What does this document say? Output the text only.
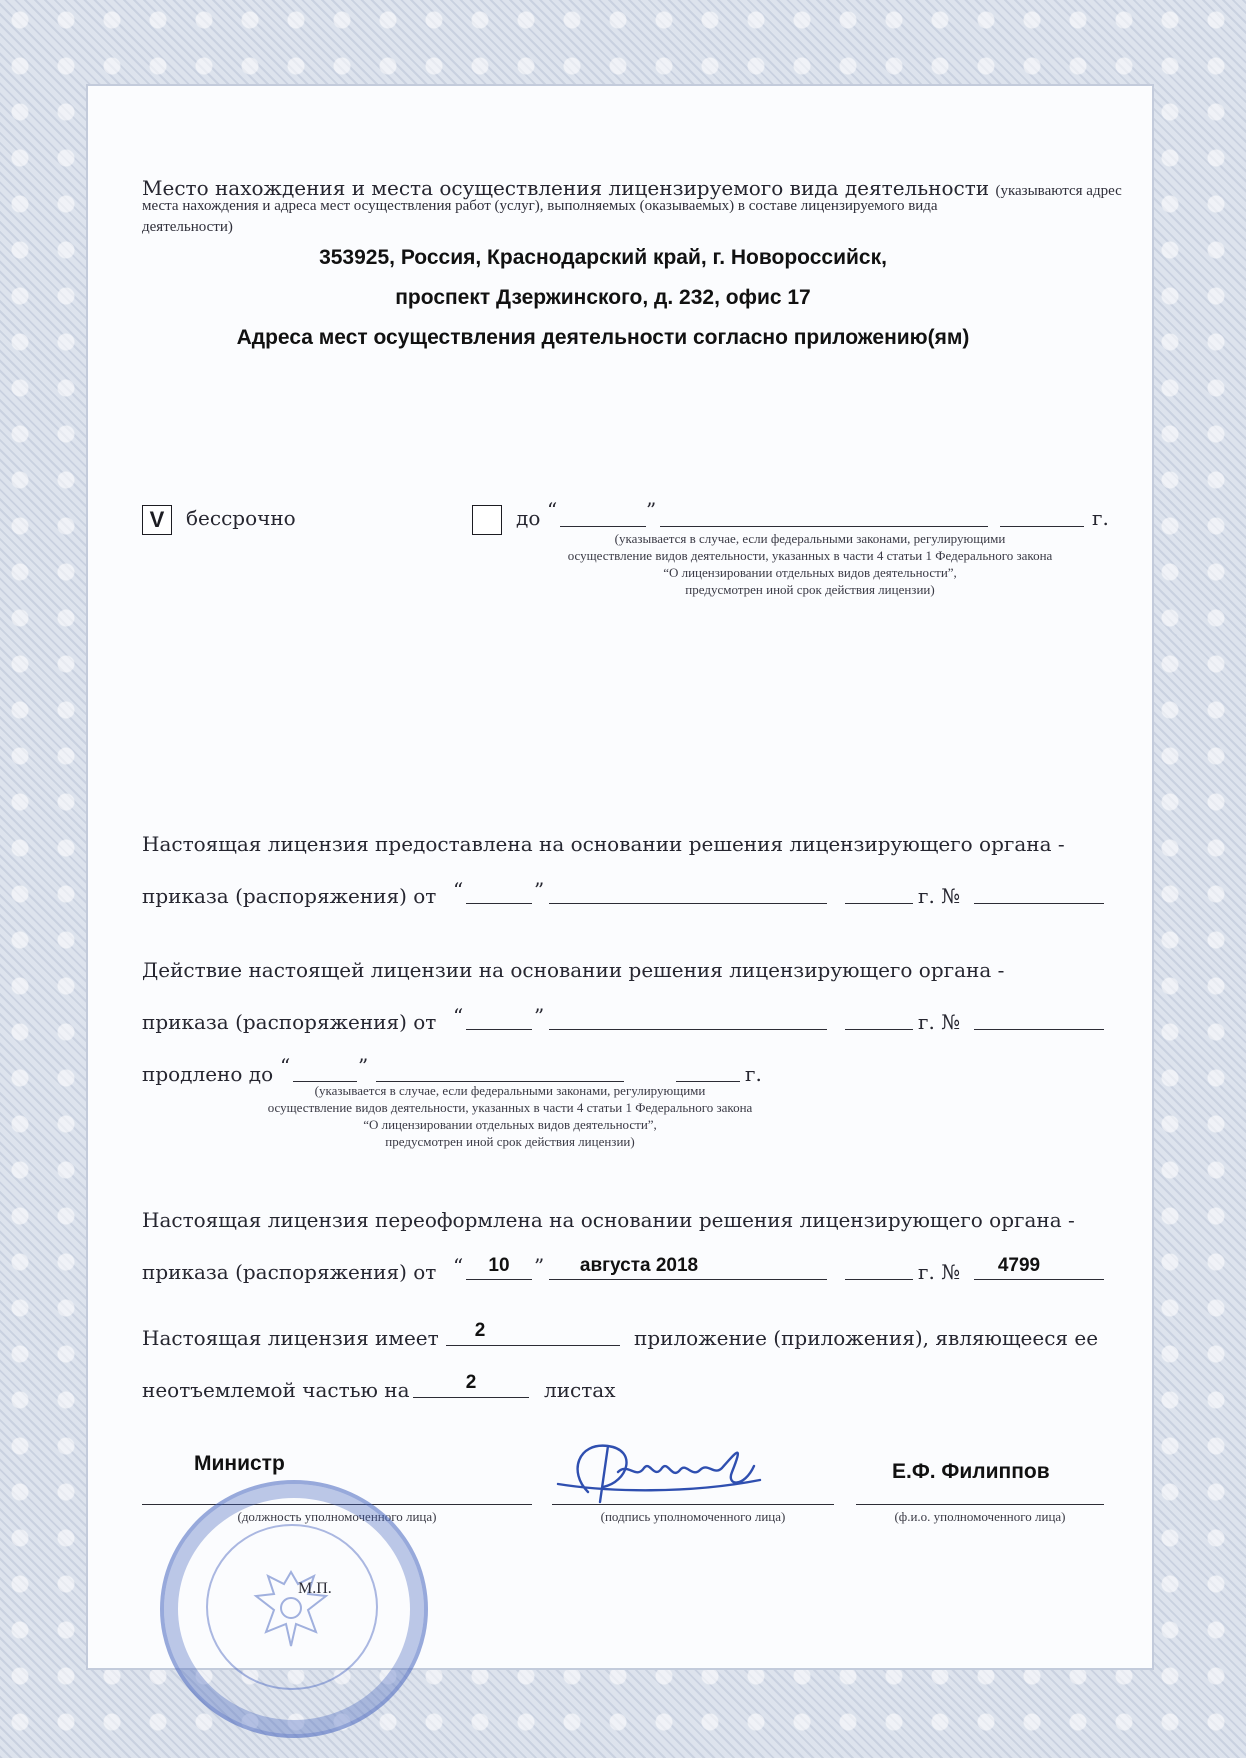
Место нахождения и места осуществления лицензируемого вида деятельности (указываются адрес
места нахождения и адреса мест осуществления работ (услуг), выполняемых (оказываемых) в составе лицензируемого вида
деятельности)
353925, Россия, Краснодарский край, г. Новороссийск,
проспект Дзержинского, д. 232, офис 17
Адреса мест осуществления деятельности согласно приложению(ям)
V	бессрочно	до “	”	г.
(указывается в случае, если федеральными законами, регулирующими
осуществление видов деятельности, указанных в части 4 статьи 1 Федерального закона
“О лицензировании отдельных видов деятельности”,
предусмотрен иной срок действия лицензии)
Настоящая лицензия предоставлена на основании решения лицензирующего органа -
приказа (распоряжения) от “	”	г. №
Действие настоящей лицензии на основании решения лицензирующего органа -
приказа (распоряжения) от “	”	г. №
продлено до “	”	г.
(указывается в случае, если федеральными законами, регулирующими
осуществление видов деятельности, указанных в части 4 статьи 1 Федерального закона
“О лицензировании отдельных видов деятельности”,
предусмотрен иной срок действия лицензии)
Настоящая лицензия переоформлена на основании решения лицензирующего органа -
приказа (распоряжения) от “	10	”	августа 2018	г. №	4799
Настоящая лицензия имеет	2	приложение (приложения), являющееся ее
неотъемлемой частью на	2	листах
Министр
(должность уполномоченного лица)	(подпись уполномоченного лица)
Е.Ф. Филиппов
(ф.и.о. уполномоченного лица)
М.П.
